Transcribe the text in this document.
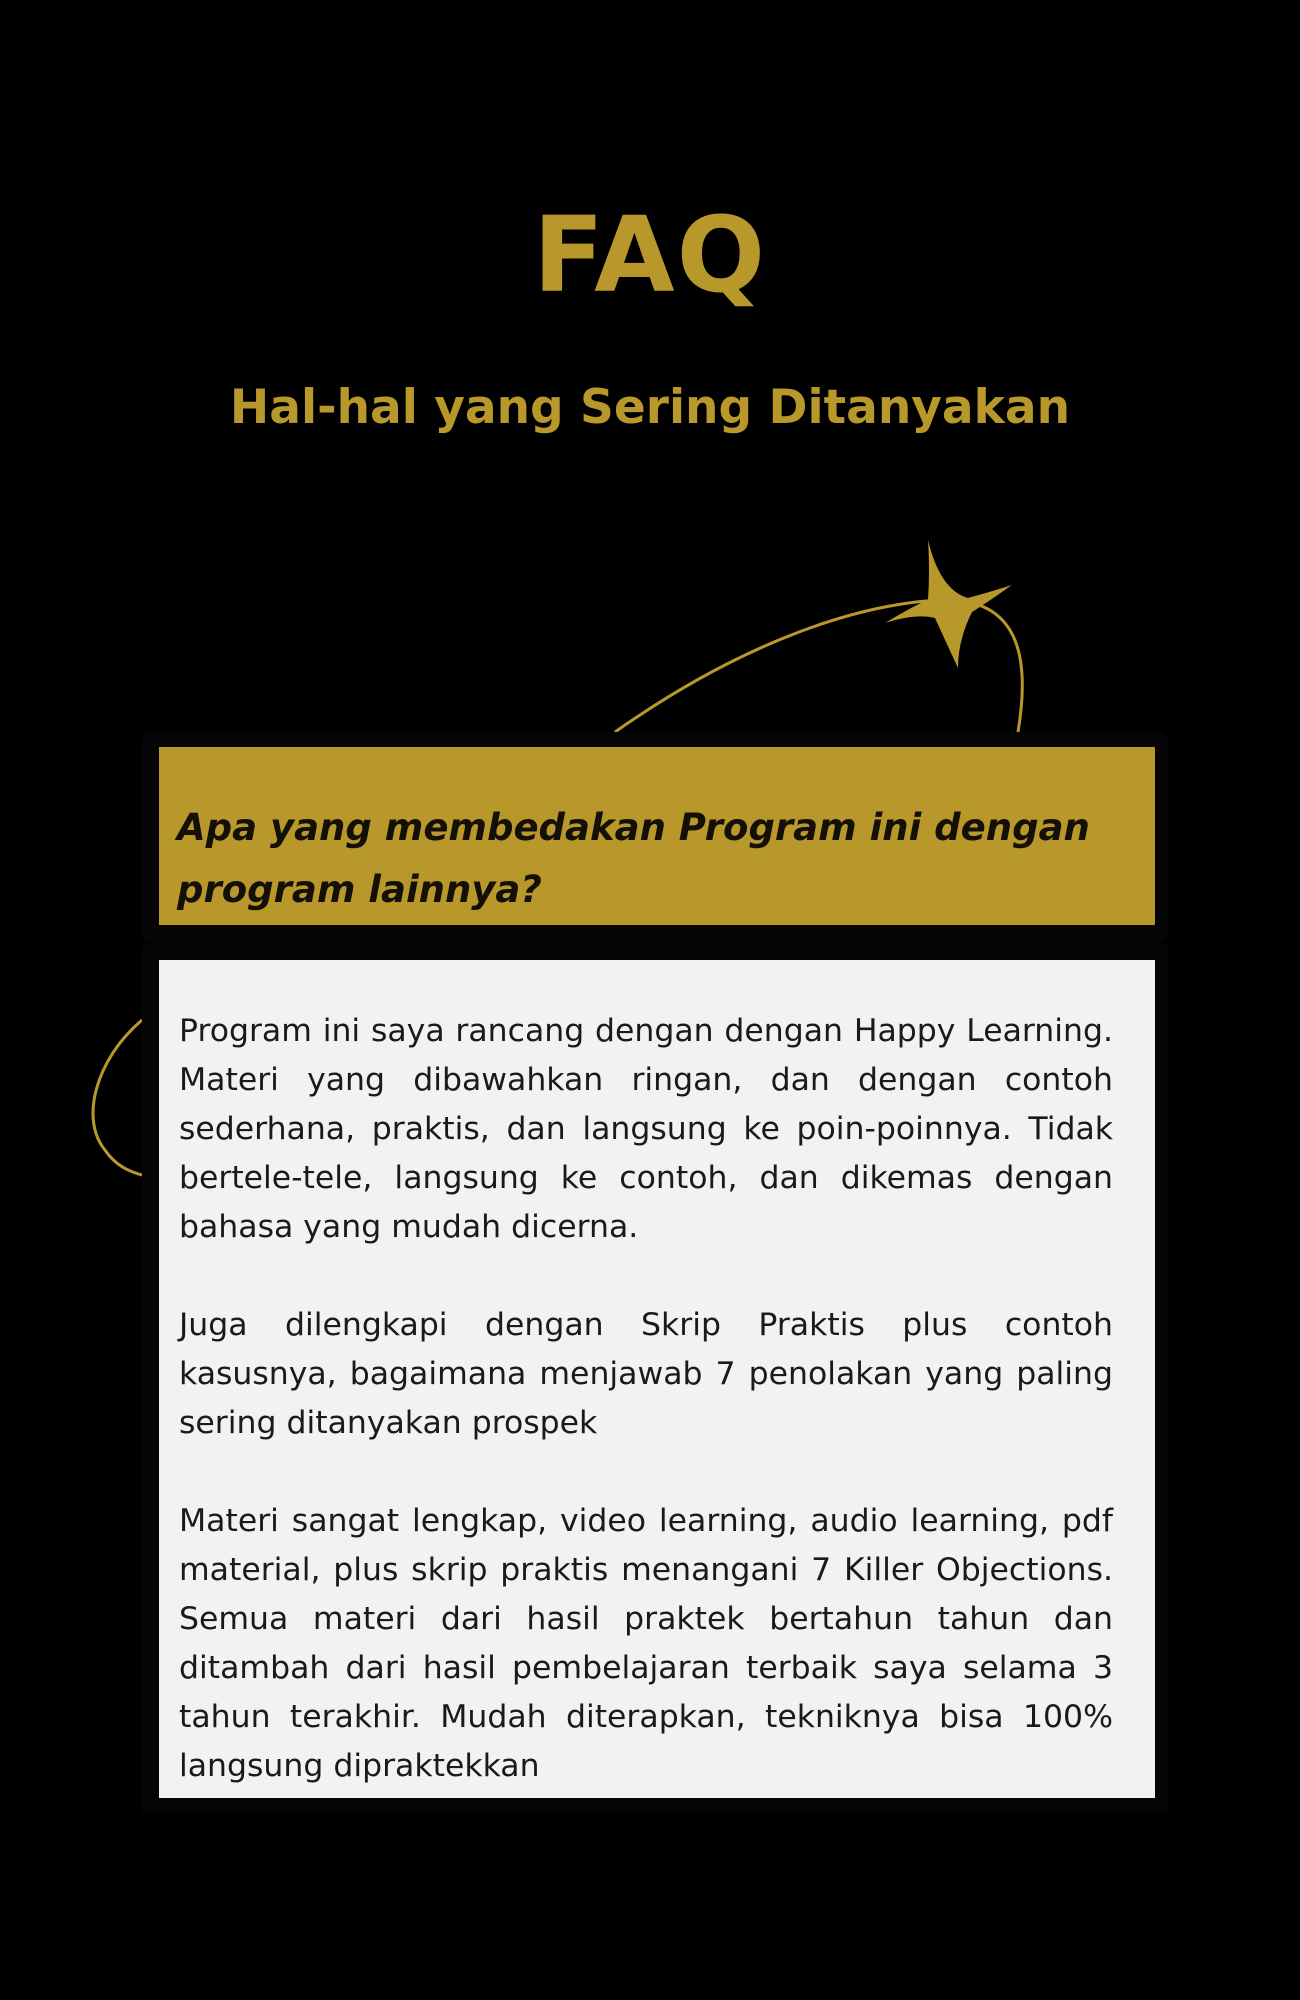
FAQ
Hal-hal yang Sering Ditanyakan

Apa yang membedakan Program ini dengan program lainnya?

Program ini saya rancang dengan dengan Happy Learning. Materi yang dibawahkan ringan, dan dengan contoh sederhana, praktis, dan langsung ke poin-poinnya. Tidak bertele-tele, langsung ke contoh, dan dikemas dengan bahasa yang mudah dicerna.

Juga dilengkapi dengan Skrip Praktis plus contoh kasusnya, bagaimana menjawab 7 penolakan yang paling sering ditanyakan prospek

Materi sangat lengkap, video learning, audio learning, pdf material, plus skrip praktis menangani 7 Killer Objections. Semua materi dari hasil praktek bertahun tahun dan ditambah dari hasil pembelajaran terbaik saya selama 3 tahun terakhir. Mudah diterapkan, tekniknya bisa 100% langsung dipraktekkan
